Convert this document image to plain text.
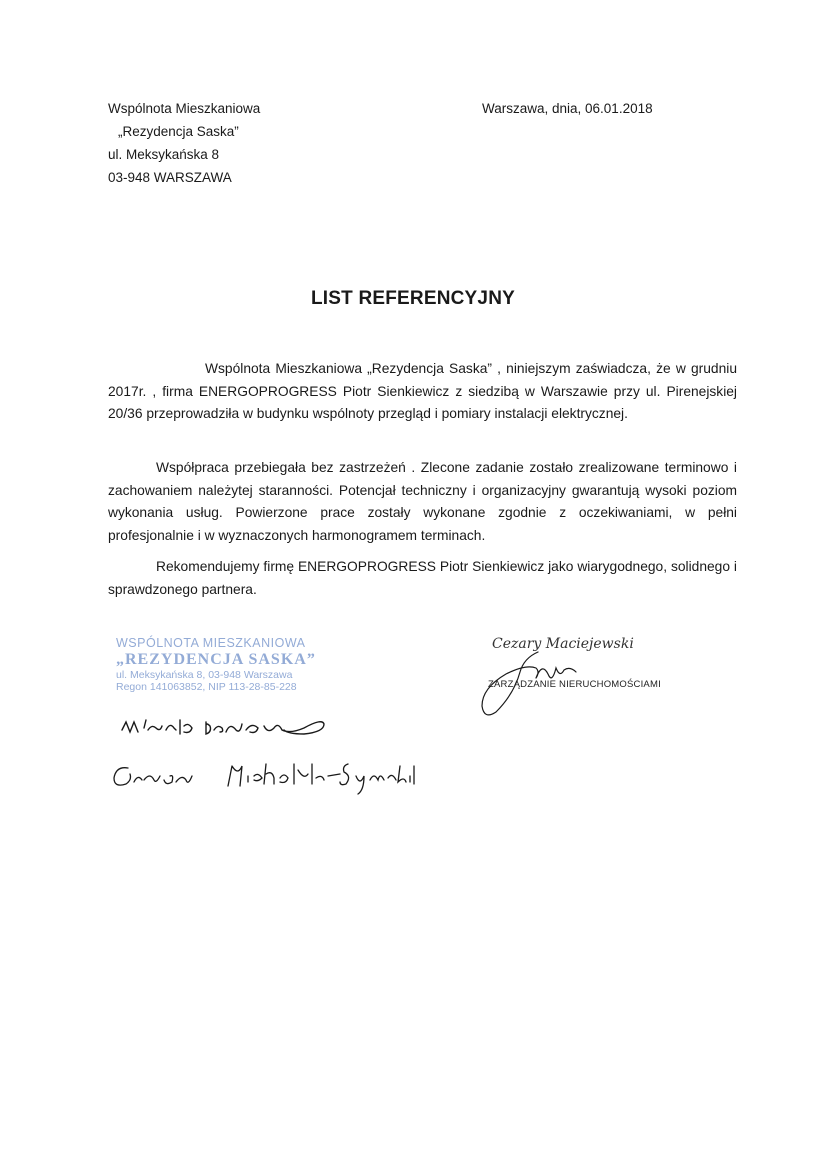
Wspólnota Mieszkaniowa
„Rezydencja Saska”
ul. Meksykańska 8
03-948 WARSZAWA
Warszawa, dnia, 06.01.2018
LIST REFERENCYJNY
Wspólnota Mieszkaniowa „Rezydencja Saska” , niniejszym zaświadcza, że w grudniu 2017r. , firma ENERGOPROGRESS Piotr Sienkiewicz z siedzibą w Warszawie przy ul. Pirenejskiej 20/36 przeprowadziła w budynku wspólnoty przegląd i pomiary instalacji elektrycznej.
Współpraca przebiegała bez zastrzeżeń . Zlecone zadanie zostało zrealizowane terminowo i zachowaniem należytej staranności. Potencjał techniczny i organizacyjny gwarantują wysoki poziom wykonania usług. Powierzone prace zostały wykonane zgodnie z oczekiwaniami, w pełni profesjonalnie i w wyznaczonych harmonogramem terminach.
Rekomendujemy firmę ENERGOPROGRESS Piotr Sienkiewicz jako wiarygodnego, solidnego i sprawdzonego partnera.
WSPÓLNOTA MIESZKANIOWA
„REZYDENCJA SASKA”
ul. Meksykańska 8, 03-948 Warszawa
Regon 141063852, NIP 113-28-85-228
Cezary Maciejewski
ZARZĄDZANIE NIERUCHOMOŚCIAMI
